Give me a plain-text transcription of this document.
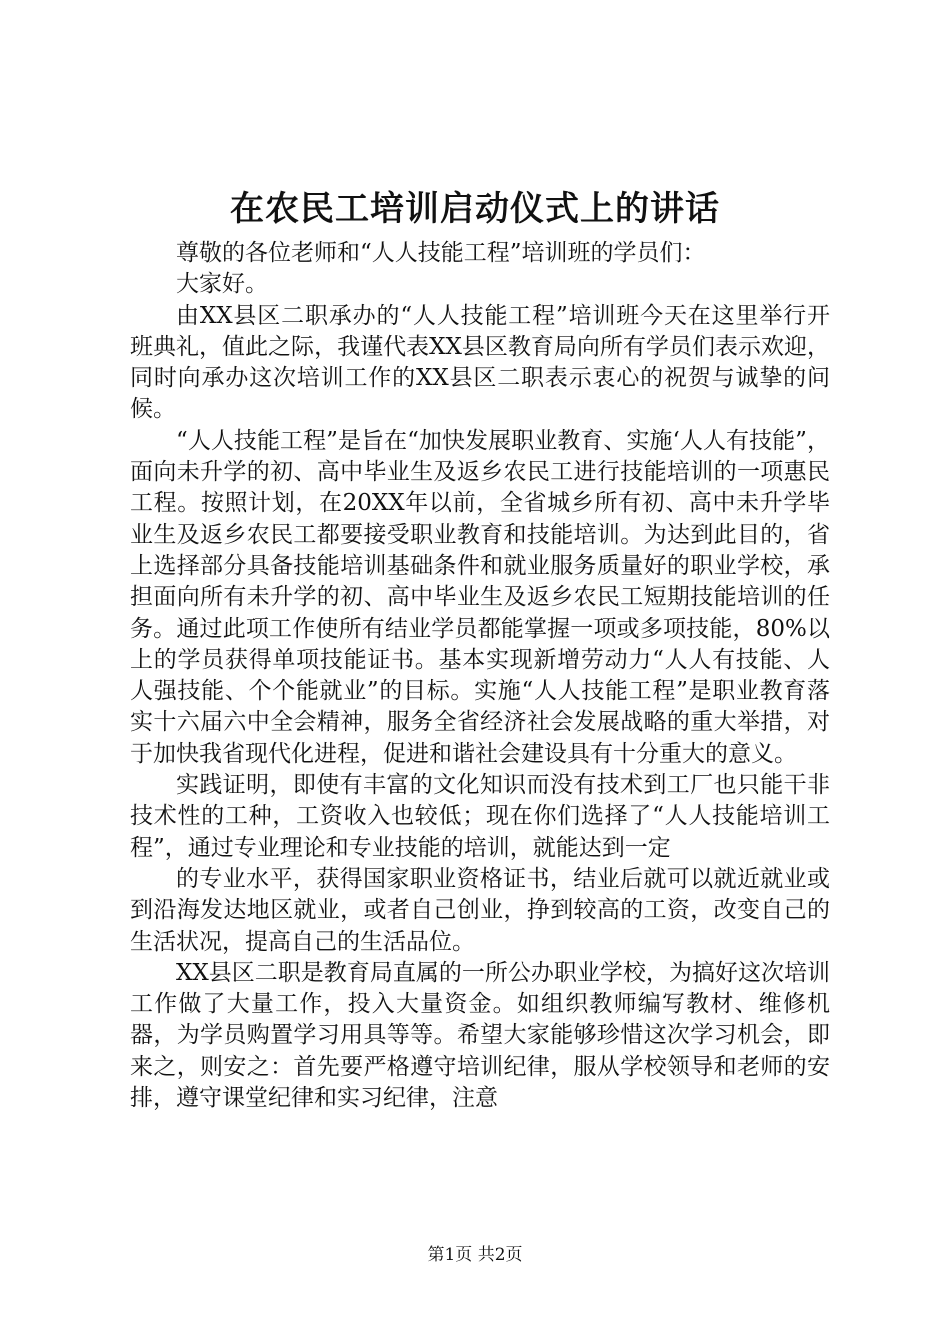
在农民工培训启动仪式上的讲话

尊敬的各位老师和“人人技能工程”培训班的学员们：

大家好。

由XX县区二职承办的“人人技能工程”培训班今天在这里举行开班典礼，值此之际，我谨代表XX县区教育局向所有学员们表示欢迎，同时向承办这次培训工作的XX县区二职表示衷心的祝贺与诚挚的问候。

“人人技能工程”是旨在“加快发展职业教育、实施‘人人有技能”，面向未升学的初、高中毕业生及返乡农民工进行技能培训的一项惠民工程。按照计划，在20XX年以前，全省城乡所有初、高中未升学毕业生及返乡农民工都要接受职业教育和技能培训。为达到此目的，省上选择部分具备技能培训基础条件和就业服务质量好的职业学校，承担面向所有未升学的初、高中毕业生及返乡农民工短期技能培训的任务。通过此项工作使所有结业学员都能掌握一项或多项技能，80%以上的学员获得单项技能证书。基本实现新增劳动力“人人有技能、人人强技能、个个能就业”的目标。实施“人人技能工程”是职业教育落实十六届六中全会精神，服务全省经济社会发展战略的重大举措，对于加快我省现代化进程，促进和谐社会建设具有十分重大的意义。

实践证明，即使有丰富的文化知识而没有技术到工厂也只能干非技术性的工种，工资收入也较低；现在你们选择了“人人技能培训工程”，通过专业理论和专业技能的培训，就能达到一定

的专业水平，获得国家职业资格证书，结业后就可以就近就业或到沿海发达地区就业，或者自己创业，挣到较高的工资，改变自己的生活状况，提高自己的生活品位。

XX县区二职是教育局直属的一所公办职业学校，为搞好这次培训工作做了大量工作，投入大量资金。如组织教师编写教材、维修机器，为学员购置学习用具等等。希望大家能够珍惜这次学习机会，即来之，则安之：首先要严格遵守培训纪律，服从学校领导和老师的安排，遵守课堂纪律和实习纪律，注意

第1页 共2页
